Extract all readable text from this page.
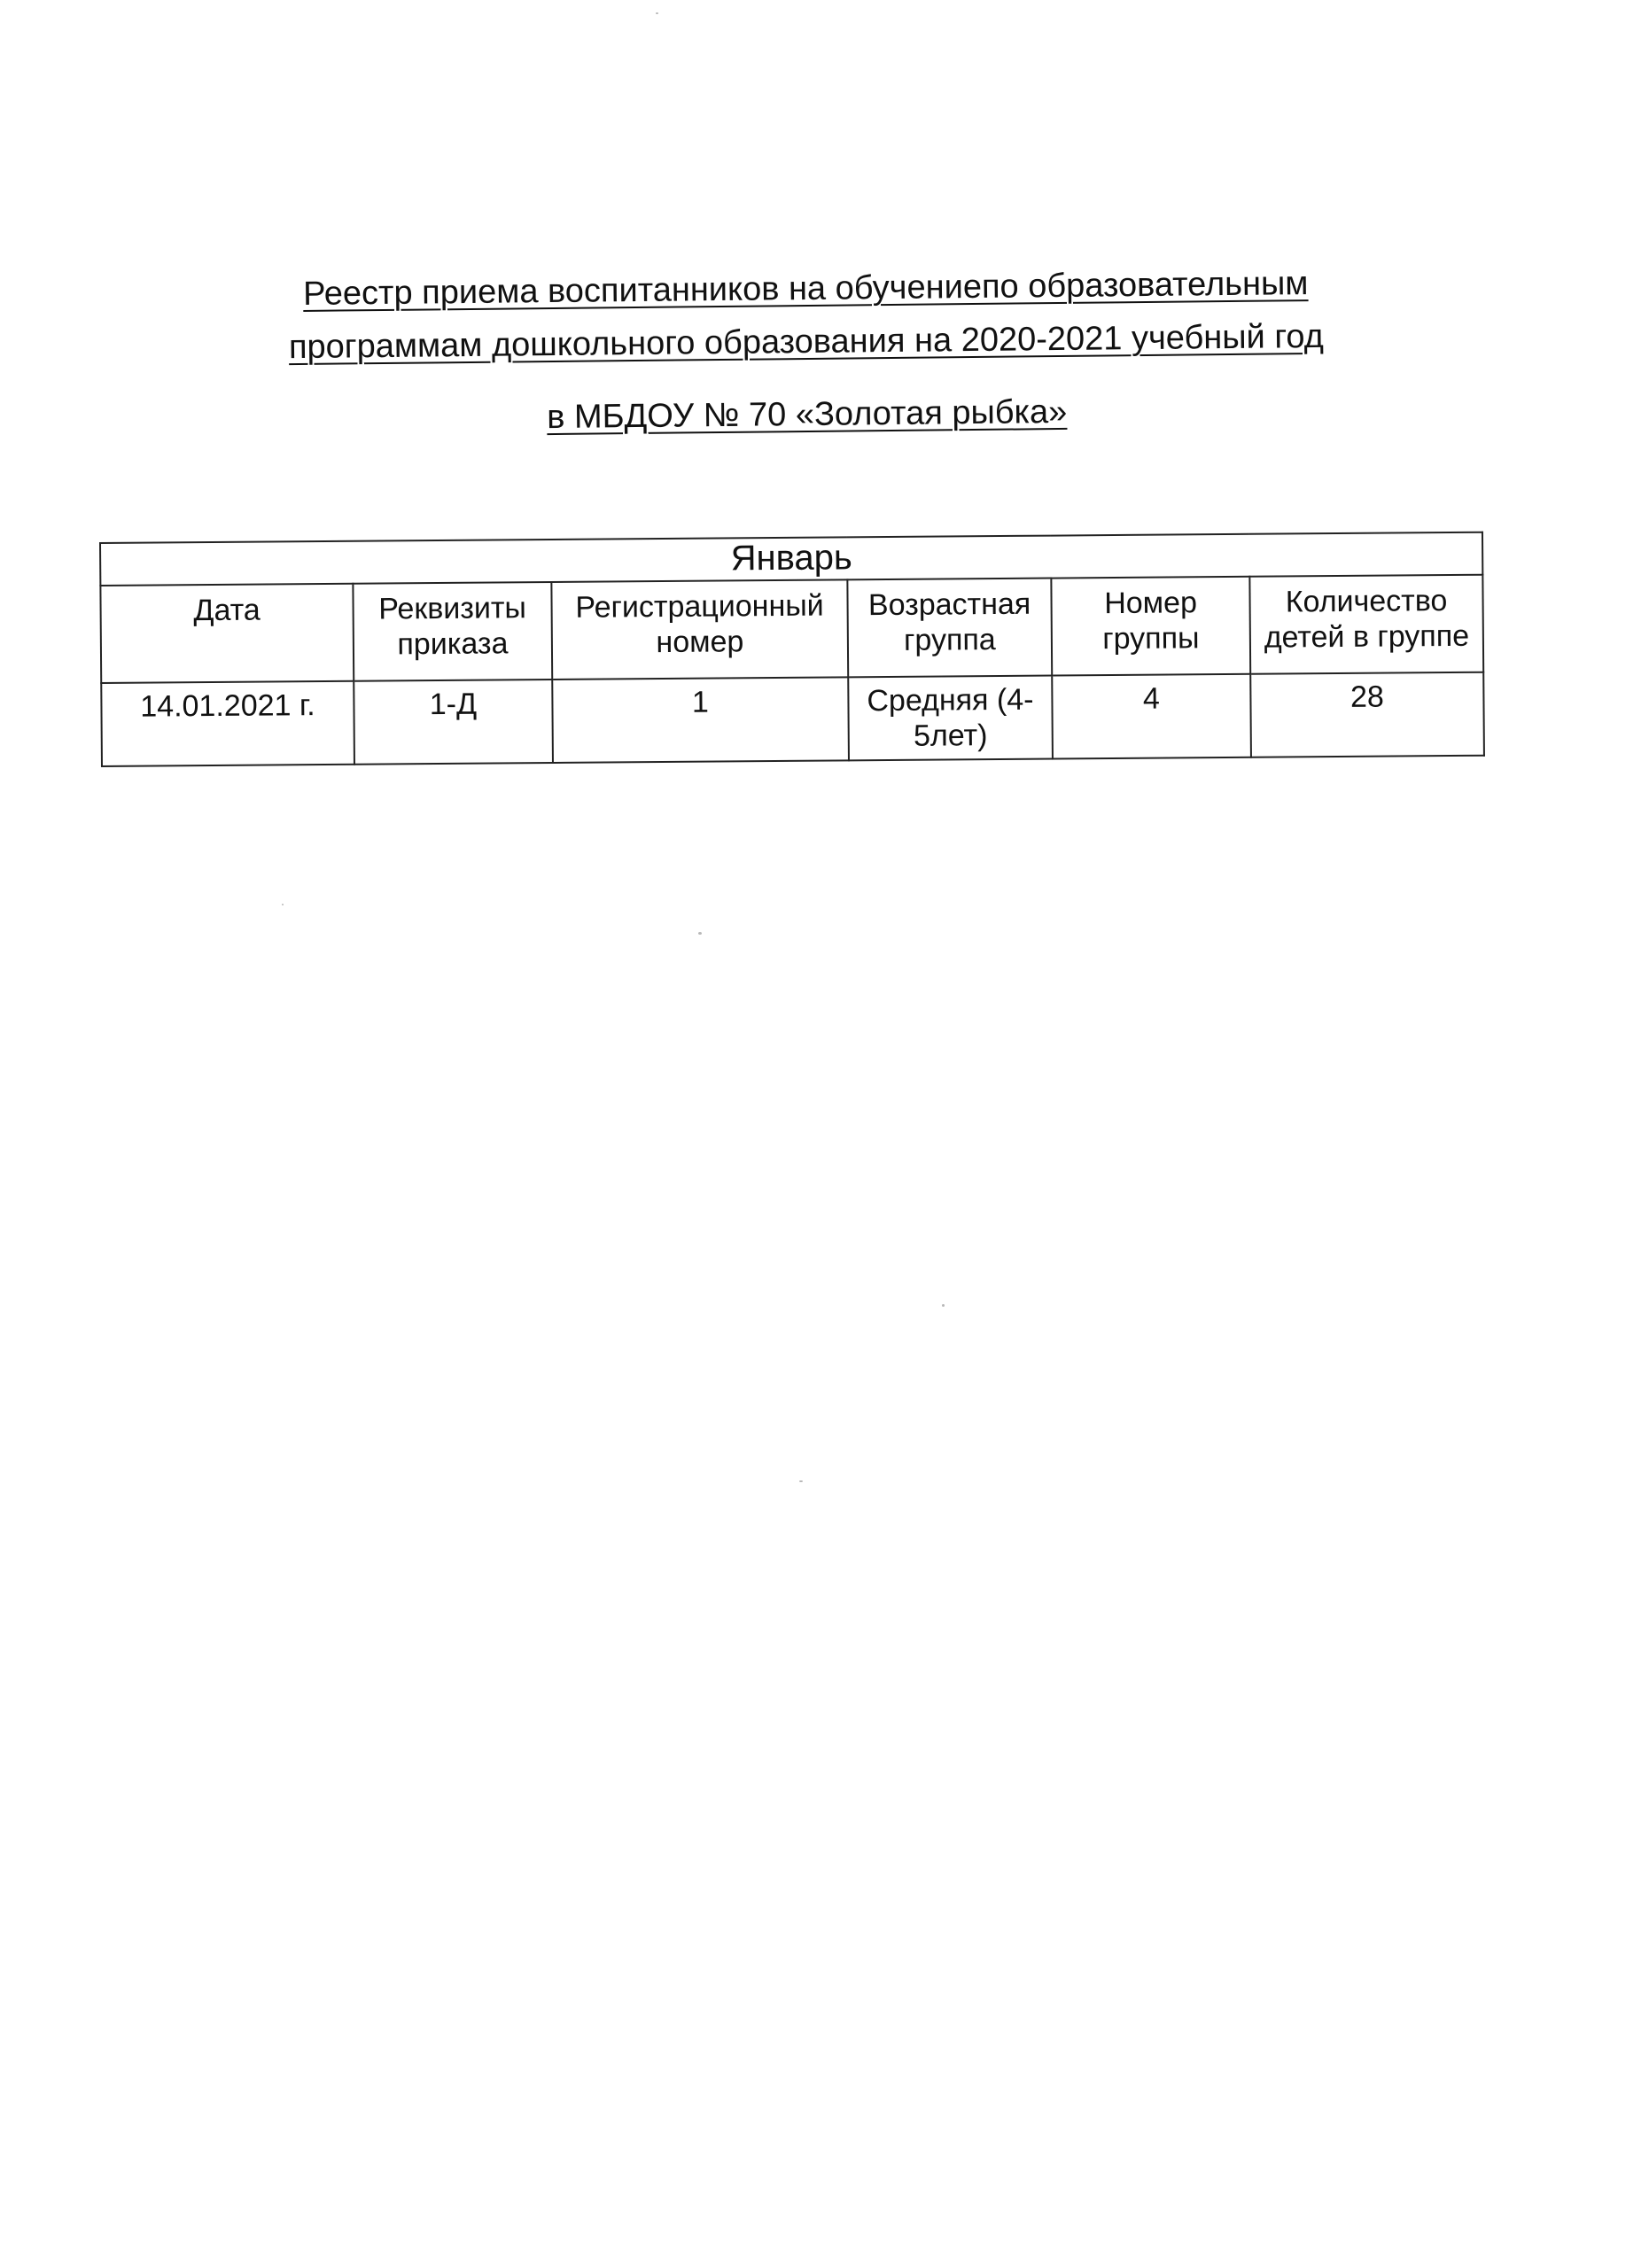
Реестр приема воспитанников на обучениепо образовательным
программам дошкольного образования на 2020-2021 учебный год
в МБДОУ № 70 «Золотая рыбка»
Январь					
Дата	Реквизиты приказа	Регистрационный номер	Возрастная группа	Номер группы	Количество детей в группе
14.01.2021 г.	1-Д	1	Средняя (4-5лет)	4	28
